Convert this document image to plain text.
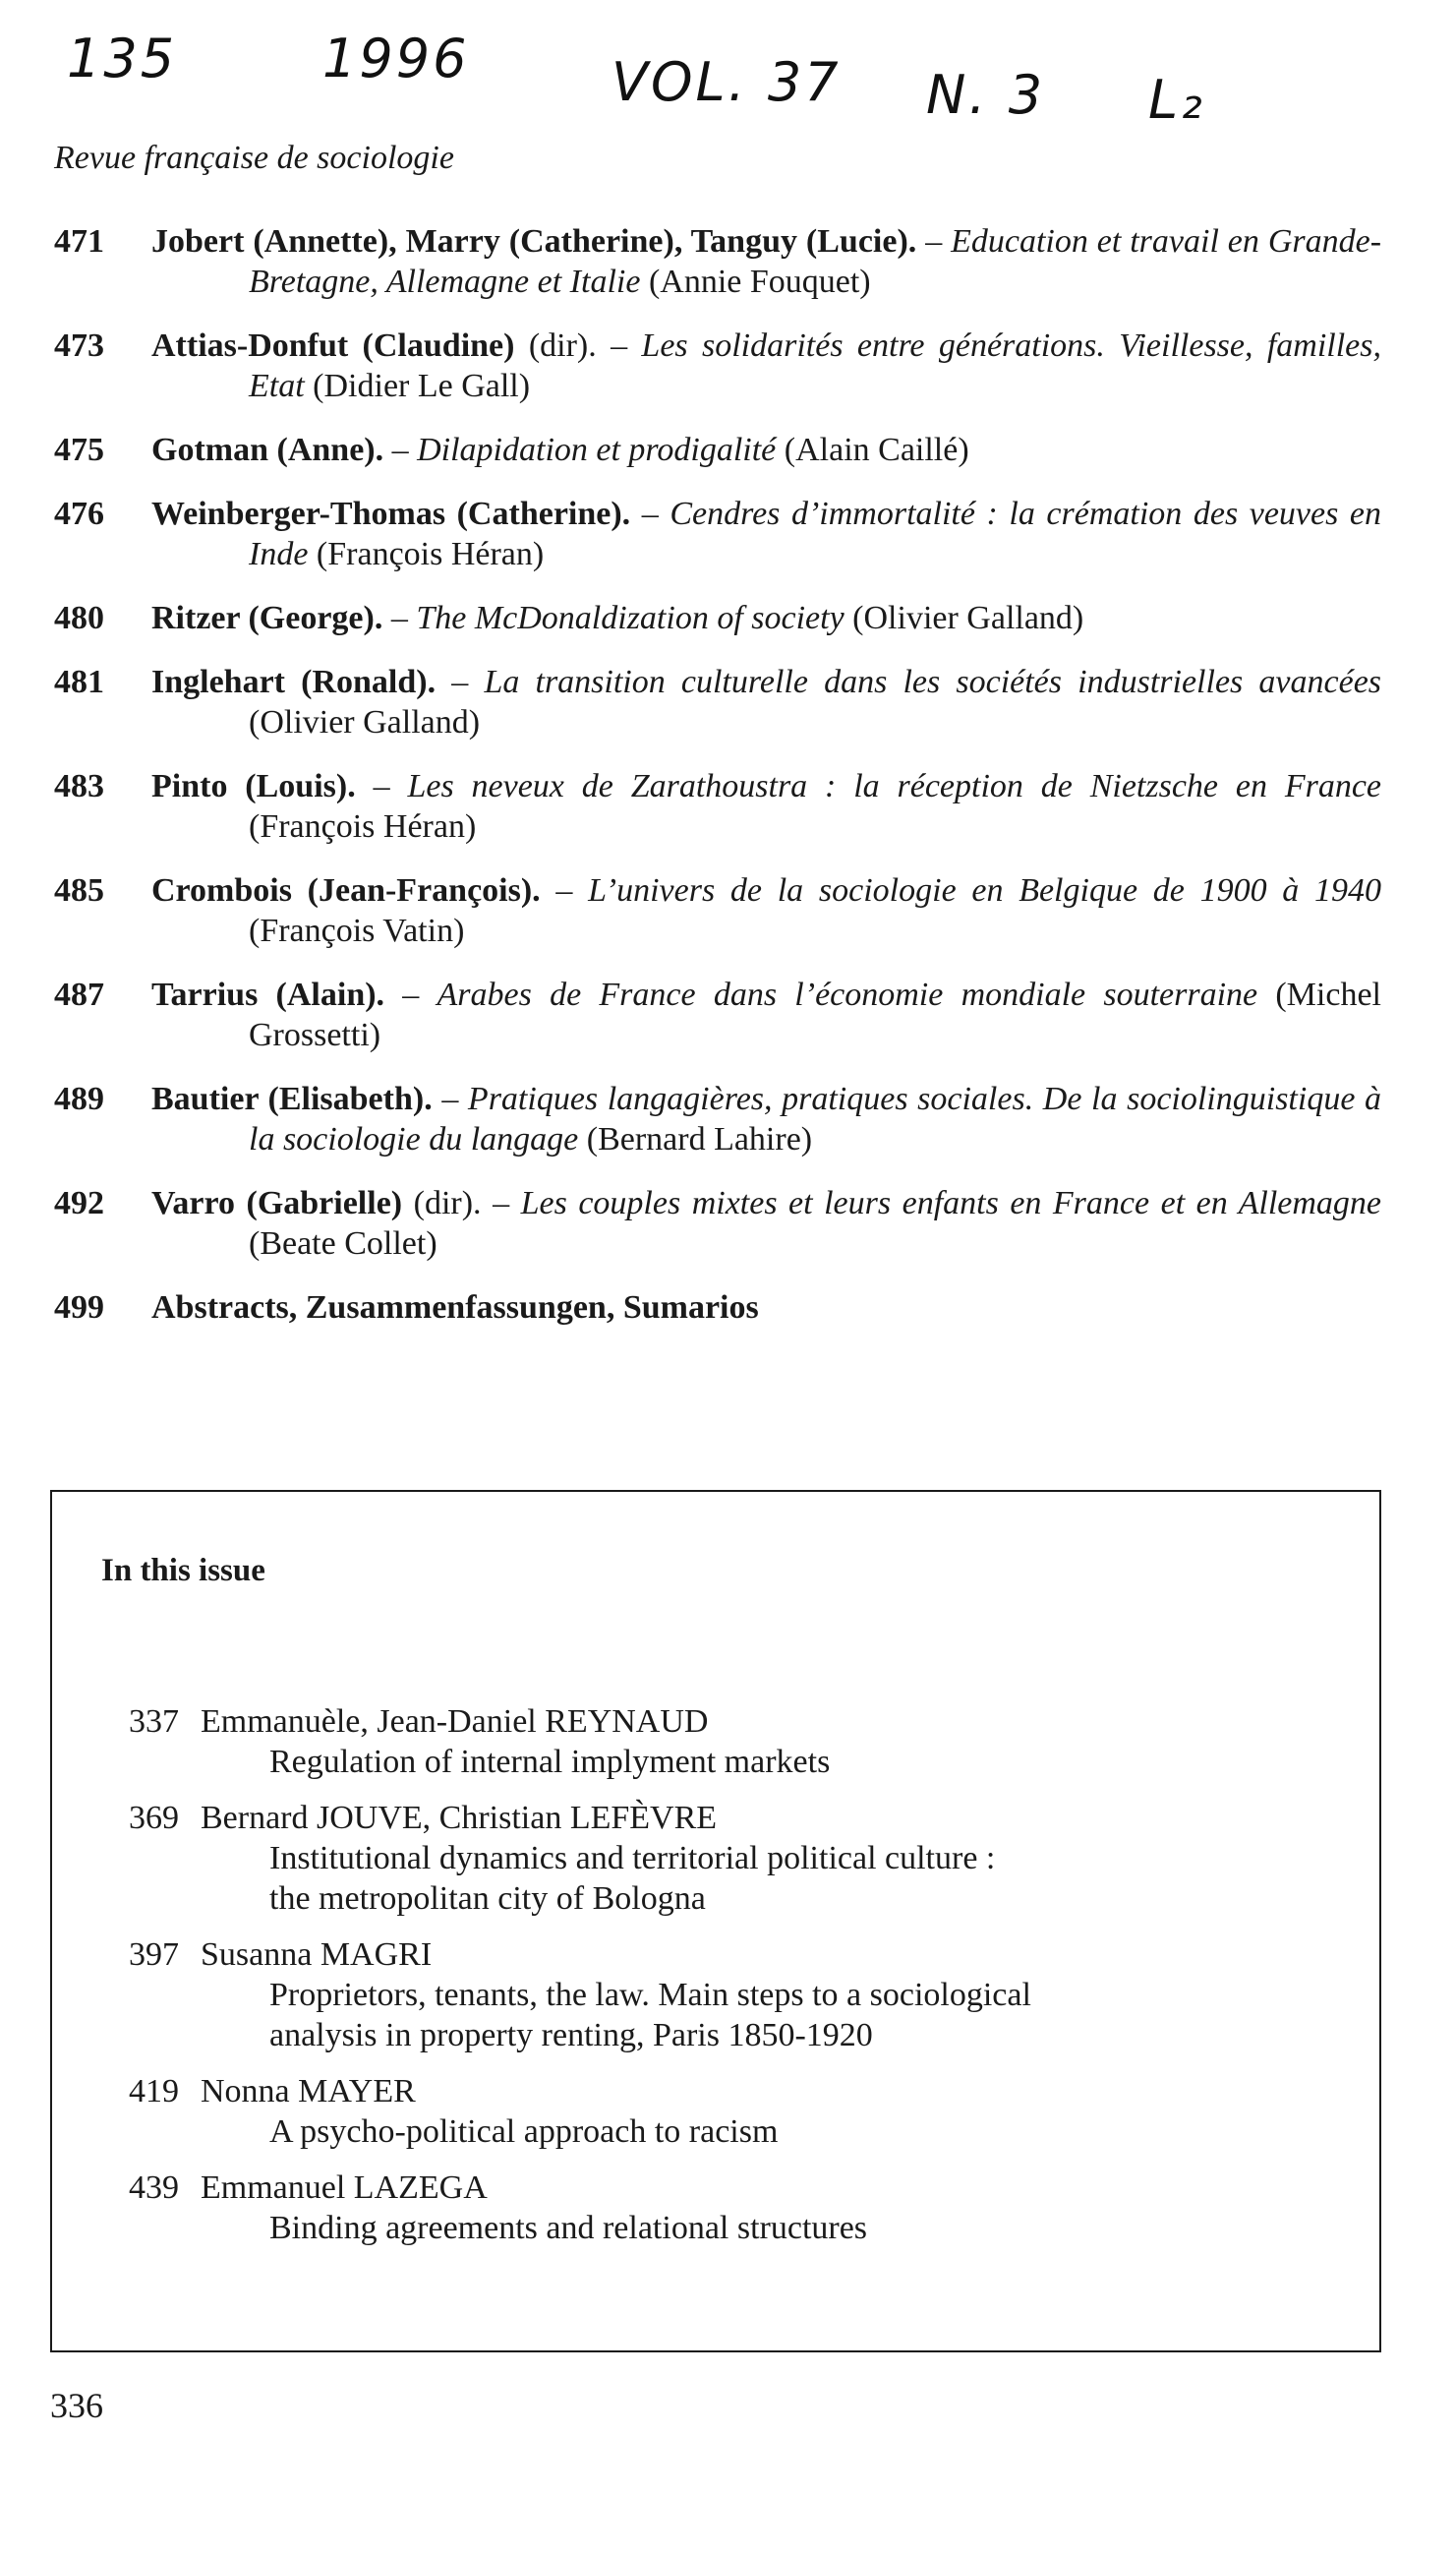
135	1996	VOL. 37 N. 3 L₂
Revue française de sociologie
471	Jobert (Annette), Marry (Catherine), Tanguy (Lucie). – Education et travail en Grande-Bretagne, Allemagne et Italie (Annie Fouquet)
473	Attias-Donfut (Claudine) (dir). – Les solidarités entre générations. Vieillesse, familles, Etat (Didier Le Gall)
475	Gotman (Anne). – Dilapidation et prodigalité (Alain Caillé)
476	Weinberger-Thomas (Catherine). – Cendres d’immortalité : la crémation des veuves en Inde (François Héran)
480	Ritzer (George). – The McDonaldization of society (Olivier Galland)
481	Inglehart (Ronald). – La transition culturelle dans les sociétés industrielles avancées (Olivier Galland)
483	Pinto (Louis). – Les neveux de Zarathoustra : la réception de Nietzsche en France (François Héran)
485	Crombois (Jean-François). – L’univers de la sociologie en Belgique de 1900 à 1940 (François Vatin)
487	Tarrius (Alain). – Arabes de France dans l’économie mondiale souterraine (Michel Grossetti)
489	Bautier (Elisabeth). – Pratiques langagières, pratiques sociales. De la sociolinguistique à la sociologie du langage (Bernard Lahire)
492	Varro (Gabrielle) (dir). – Les couples mixtes et leurs enfants en France et en Allemagne (Beate Collet)
499	Abstracts, Zusammenfassungen, Sumarios
In this issue
337 Emmanuèle, Jean-Daniel REYNAUD
Regulation of internal implyment markets
369 Bernard JOUVE, Christian LEFÈVRE
Institutional dynamics and territorial political culture :
the metropolitan city of Bologna
397 Susanna MAGRI
Proprietors, tenants, the law. Main steps to a sociological
analysis in property renting, Paris 1850-1920
419 Nonna MAYER
A psycho-political approach to racism
439 Emmanuel LAZEGA
Binding agreements and relational structures
336
